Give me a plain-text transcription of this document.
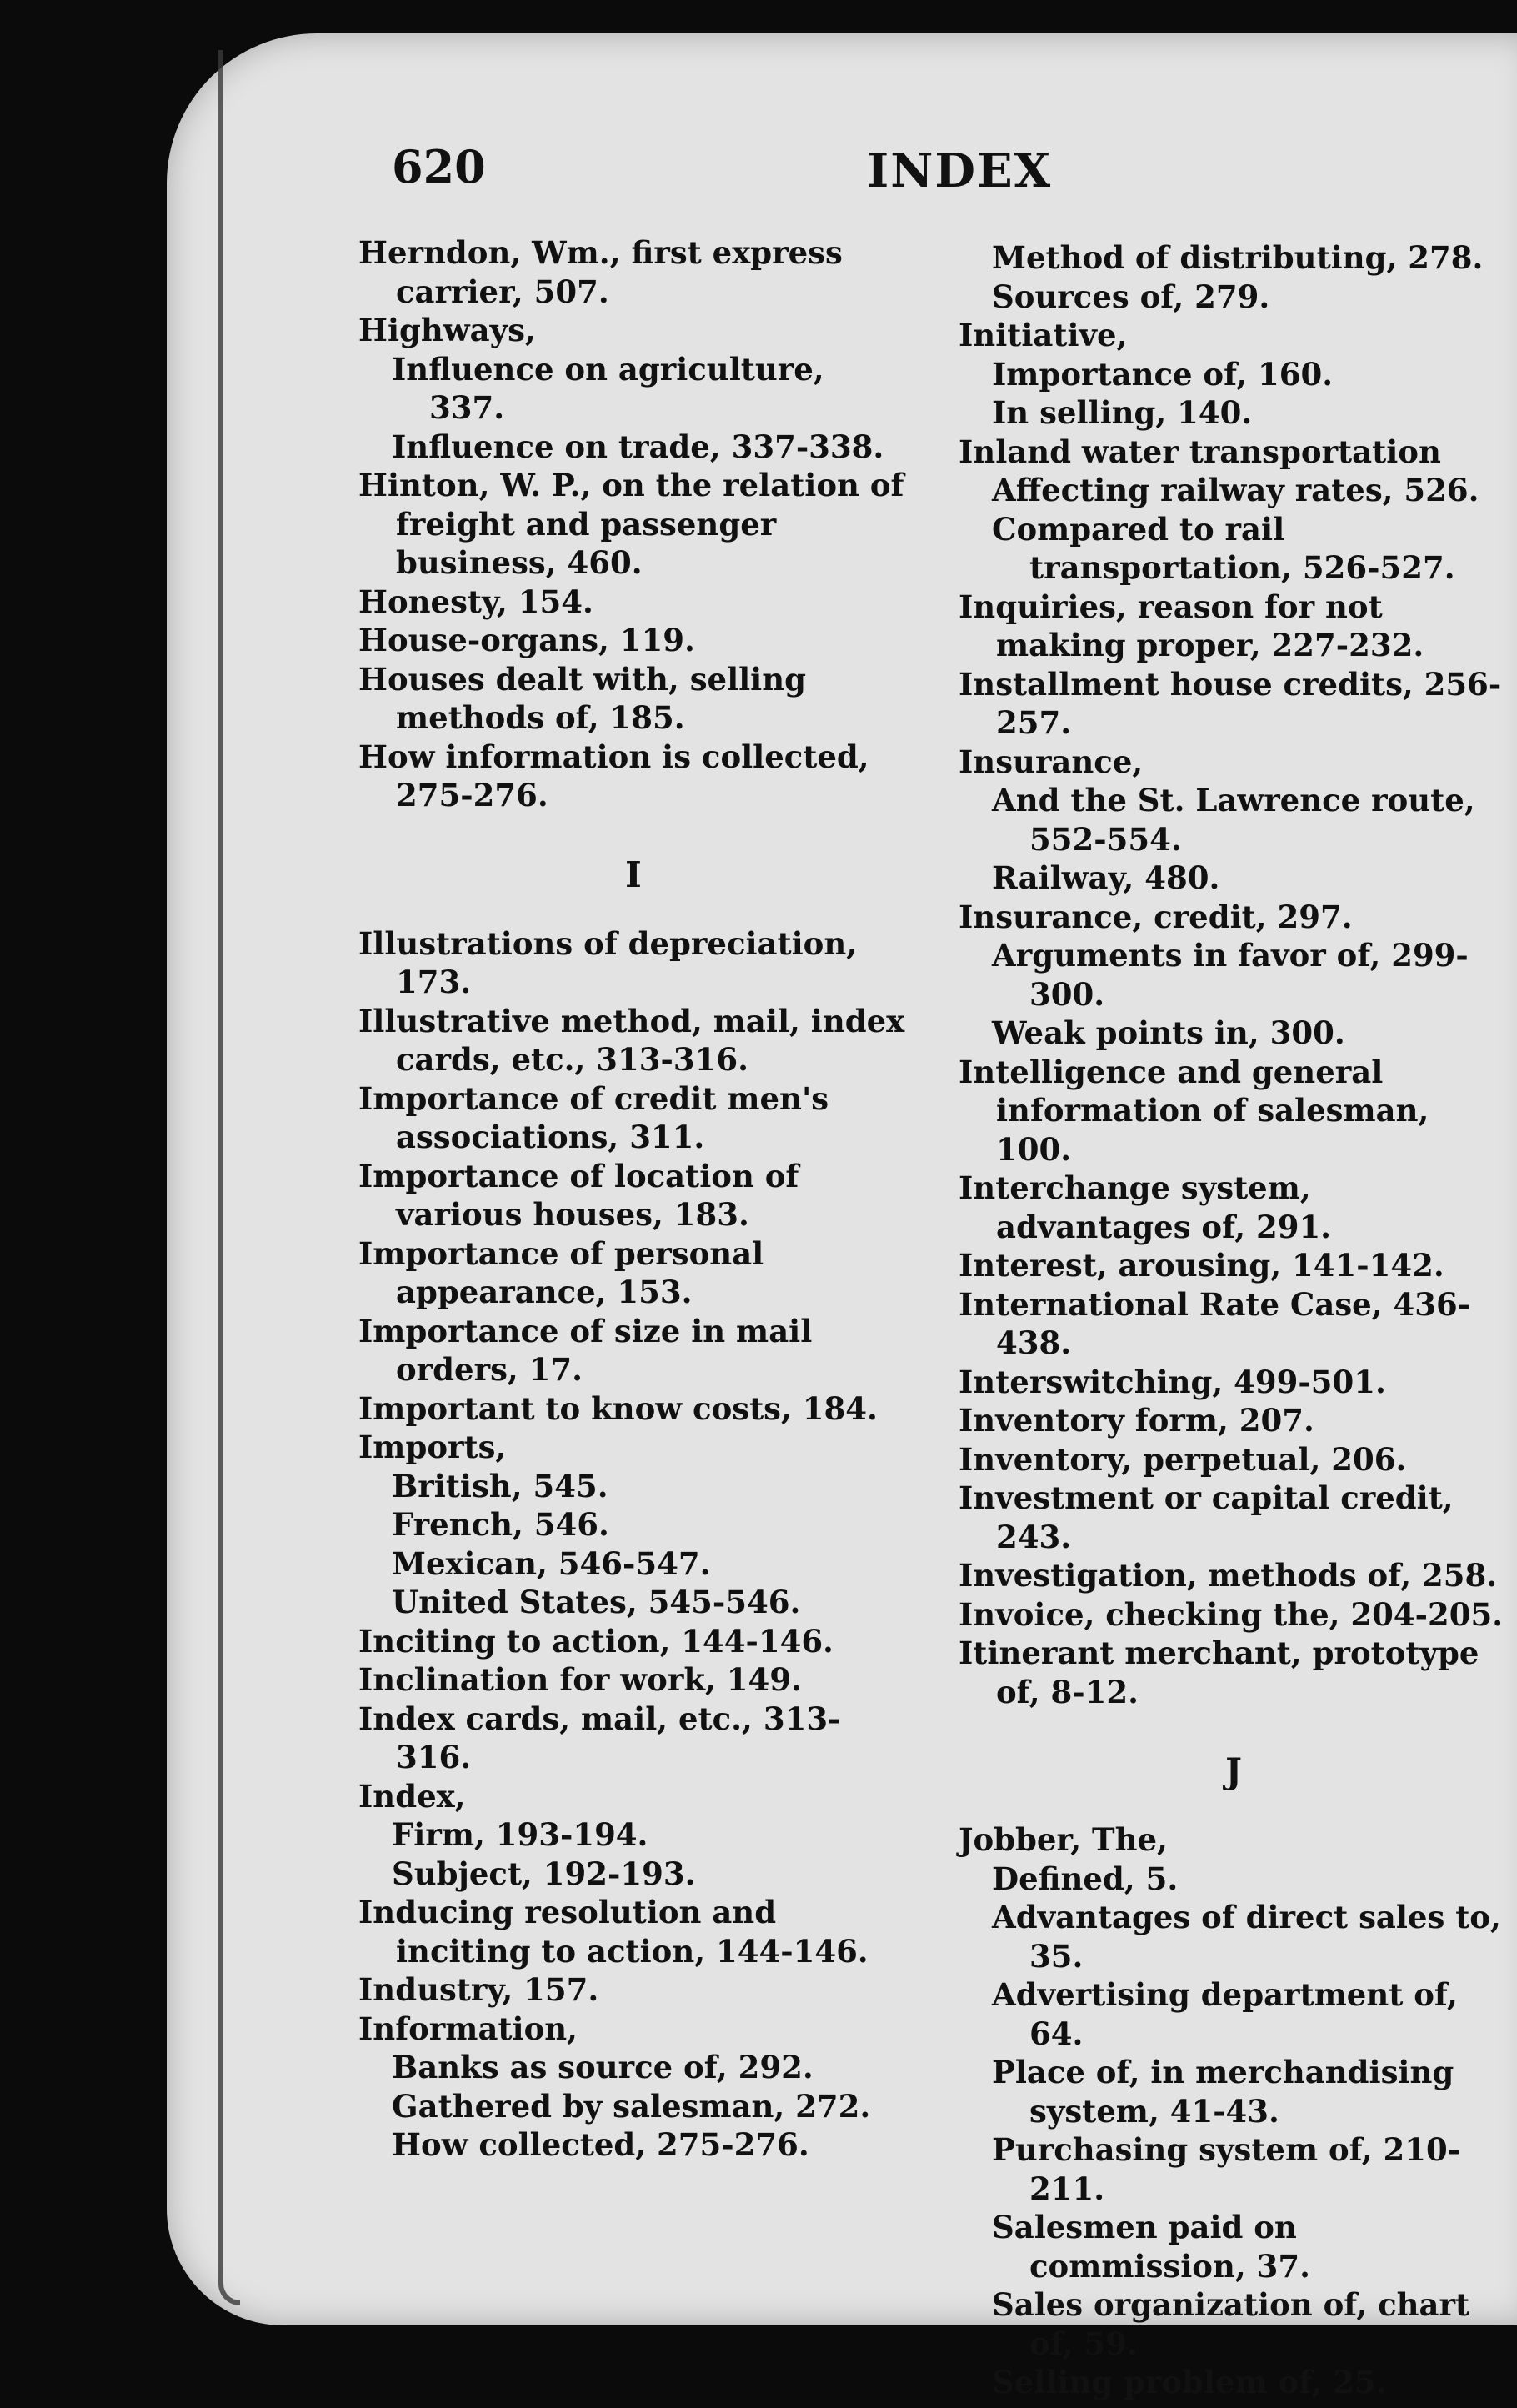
620	INDEX

Herndon, Wm., first express carrier, 507.

Highways,

Influence on agriculture, 337.

Influence on trade, 337-338.

Hinton, W. P., on the relation of freight and passenger business, 460.

Honesty, 154.

House-organs, 119.

Houses dealt with, selling methods of, 185.

How information is collected, 275-276.

I

Illustrations of depreciation, 173.

Illustrative method, mail, index cards, etc., 313-316.

Importance of credit men's associations, 311.

Importance of location of various houses, 183.

Importance of personal appearance, 153.

Importance of size in mail orders, 17.

Important to know costs, 184.

Imports,

British, 545.

French, 546.

Mexican, 546-547.

United States, 545-546.

Inciting to action, 144-146.

Inclination for work, 149.

Index cards, mail, etc., 313-316.

Index,

Firm, 193-194.

Subject, 192-193.

Inducing resolution and inciting to action, 144-146.

Industry, 157.

Information,

Banks as source of, 292.

Gathered by salesman, 272.

How collected, 275-276.

Method of distributing, 278.

Sources of, 279.

Initiative,

Importance of, 160.

In selling, 140.

Inland water transportation

Affecting railway rates, 526.

Compared to rail transportation, 526-527.

Inquiries, reason for not making proper, 227-232.

Installment house credits, 256-257.

Insurance,

And the St. Lawrence route, 552-554.

Railway, 480.

Insurance, credit, 297.

Arguments in favor of, 299-300.

Weak points in, 300.

Intelligence and general information of salesman, 100.

Interchange system, advantages of, 291.

Interest, arousing, 141-142.

International Rate Case, 436-438.

Interswitching, 499-501.

Inventory form, 207.

Inventory, perpetual, 206.

Investment or capital credit, 243.

Investigation, methods of, 258.

Invoice, checking the, 204-205.

Itinerant merchant, prototype of, 8-12.

J

Jobber, The,

Defined, 5.

Advantages of direct sales to, 35.

Advertising department of, 64.

Place of, in merchandising system, 41-43.

Purchasing system of, 210-211.

Salesmen paid on commission, 37.

Sales organization of, chart of, 59.

Selling problem of, 25.
